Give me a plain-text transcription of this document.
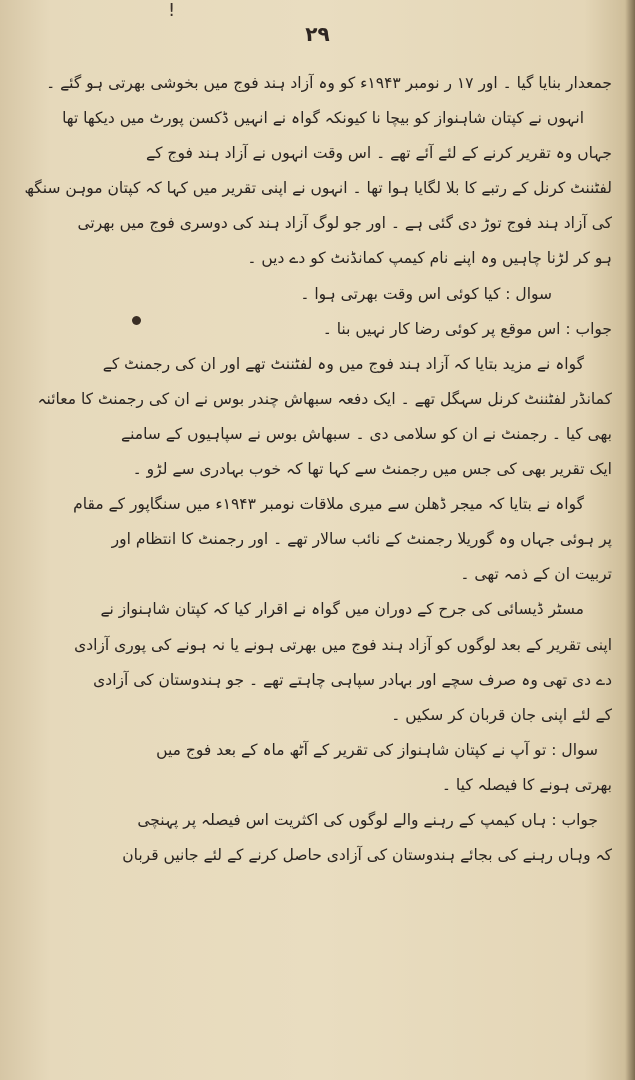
!
۲۹
جمعدار بنایا گیا ۔ اور ۱۷ ر نومبر ۱۹۴۳ء کو وہ آزاد ہند فوج میں بخوشی بھرتی ہو گئے ۔
انہوں نے کپتان شاہنواز کو بیچا نا کیونکہ گواہ نے انہیں ڈکسن پورٹ میں دیکھا تھا
جہاں وہ تقریر کرنے کے لئے آئے تھے ۔ اس وقت انہوں نے آزاد ہند فوج کے
لفٹننٹ کرنل کے رتبے کا بلا لگایا ہوا تھا ۔ انہوں نے اپنی تقریر میں کہا کہ کپتان موہن سنگھ
کی آزاد ہند فوج توڑ دی گئی ہے ۔ اور جو لوگ آزاد ہند کی دوسری فوج میں بھرتی
ہو کر لڑنا چاہیں وہ اپنے نام کیمپ کمانڈنٹ کو دے دیں ۔
سوال : کیا کوئی اس وقت بھرتی ہوا ۔
جواب : اس موقع پر کوئی رضا کار نہیں بنا ۔
گواہ نے مزید بتایا کہ آزاد ہند فوج میں وہ لفٹننٹ تھے اور ان کی رجمنٹ کے
کمانڈر لفٹننٹ کرنل سہگل تھے ۔ ایک دفعہ سبھاش چندر بوس نے ان کی رجمنٹ کا معائنہ
بھی کیا ۔ رجمنٹ نے ان کو سلامی دی ۔ سبھاش بوس نے سپاہیوں کے سامنے
ایک تقریر بھی کی جس میں رجمنٹ سے کہا تھا کہ خوب بہادری سے لڑو ۔
گواہ نے بتایا کہ میجر ڈھلن سے میری ملاقات نومبر ۱۹۴۳ء میں سنگاپور کے مقام
پر ہوئی جہاں وہ گوریلا رجمنٹ کے نائب سالار تھے ۔ اور رجمنٹ کا انتظام اور
تربیت ان کے ذمہ تھی ۔
مسٹر ڈیسائی کی جرح کے دوران میں گواہ نے اقرار کیا کہ کپتان شاہنواز نے
اپنی تقریر کے بعد لوگوں کو آزاد ہند فوج میں بھرتی ہونے یا نہ ہونے کی پوری آزادی
دے دی تھی وہ صرف سچے اور بہادر سپاہی چاہتے تھے ۔ جو ہندوستان کی آزادی
کے لئے اپنی جان قربان کر سکیں ۔
سوال : تو آپ نے کپتان شاہنواز کی تقریر کے آٹھ ماہ کے بعد فوج میں
بھرتی ہونے کا فیصلہ کیا ۔
جواب : ہاں کیمپ کے رہنے والے لوگوں کی اکثریت اس فیصلہ پر پہنچی
کہ وہاں رہنے کی بجائے ہندوستان کی آزادی حاصل کرنے کے لئے جانیں قربان
